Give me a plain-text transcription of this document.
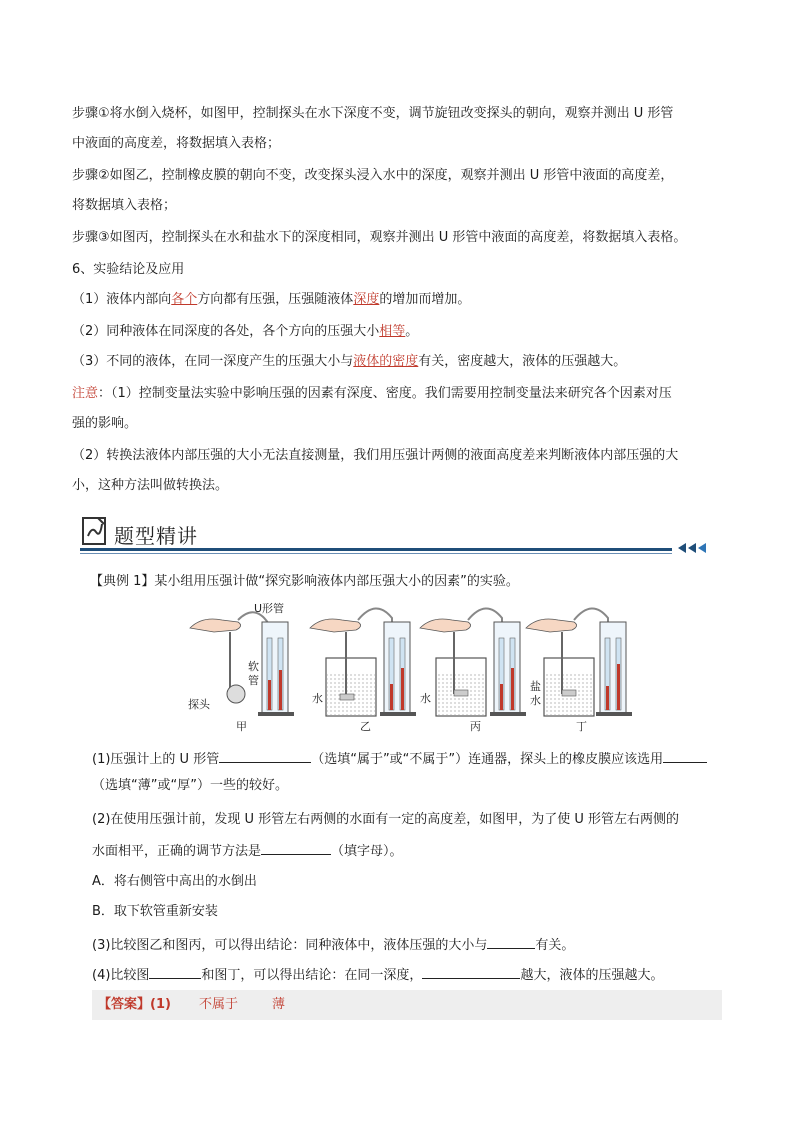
步骤①将水倒入烧杯，如图甲，控制探头在水下深度不变，调节旋钮改变探头的朝向，观察并测出 U 形管
中液面的高度差，将数据填入表格；
步骤②如图乙，控制橡皮膜的朝向不变，改变探头浸入水中的深度，观察并测出 U 形管中液面的高度差，
将数据填入表格；
步骤③如图丙，控制探头在水和盐水下的深度相同，观察并测出 U 形管中液面的高度差，将数据填入表格。
6、实验结论及应用
（1）液体内部向各个方向都有压强，压强随液体深度的增加而增加。
（2）同种液体在同深度的各处，各个方向的压强大小相等。
（3）不同的液体，在同一深度产生的压强大小与液体的密度有关，密度越大，液体的压强越大。
注意：（1）控制变量法实验中影响压强的因素有深度、密度。我们需要用控制变量法来研究各个因素对压
强的影响。
（2）转换法液体内部压强的大小无法直接测量，我们用压强计两侧的液面高度差来判断液体内部压强的大
小，这种方法叫做转换法。
题型精讲
【典例 1】某小组用压强计做“探究影响液体内部压强大小的因素”的实验。
U形管
软
管
探头
甲
水
乙
水
丙
盐
水
丁
(1)压强计上的 U 形管	（选填“属于”或“不属于”）连通器，探头上的橡皮膜应该选用
（选填“薄”或“厚”）一些的较好。
(2)在使用压强计前，发现 U 形管左右两侧的水面有一定的高度差，如图甲，为了使 U 形管左右两侧的
水面相平，正确的调节方法是	（填字母）。
A．将右侧管中高出的水倒出
B．取下软管重新安装
(3)比较图乙和图丙，可以得出结论：同种液体中，液体压强的大小与	有关。
(4)比较图	和图丁，可以得出结论：在同一深度，	越大，液体的压强越大。
【答案】(1) 不属于	薄
